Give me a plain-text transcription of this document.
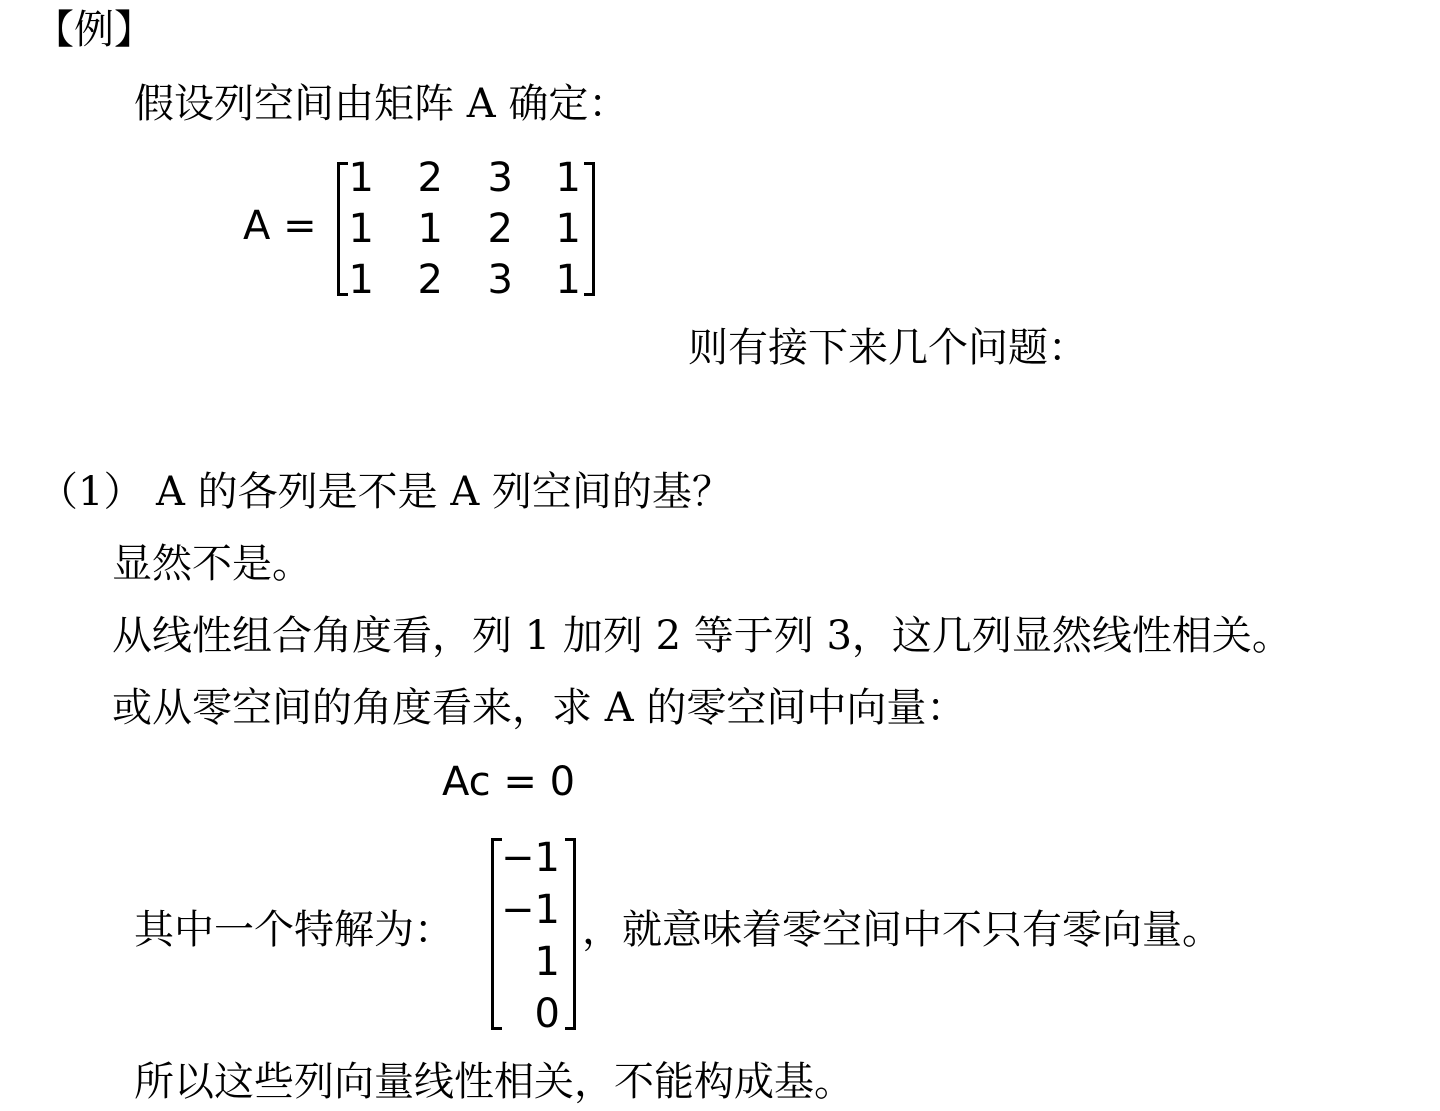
【例】
假设列空间由矩阵 A 确定：
A =
1	2	3	1
1	1	2	1
1	2	3	1
则有接下来几个问题：
（1） A 的各列是不是 A 列空间的基？
显然不是。
从线性组合角度看，列 1 加列 2 等于列 3，这几列显然线性相关。
或从零空间的角度看来，求 A 的零空间中向量：
Ac = 0
其中一个特解为：
−1
−1
1
0
，就意味着零空间中不只有零向量。
所以这些列向量线性相关，不能构成基。
